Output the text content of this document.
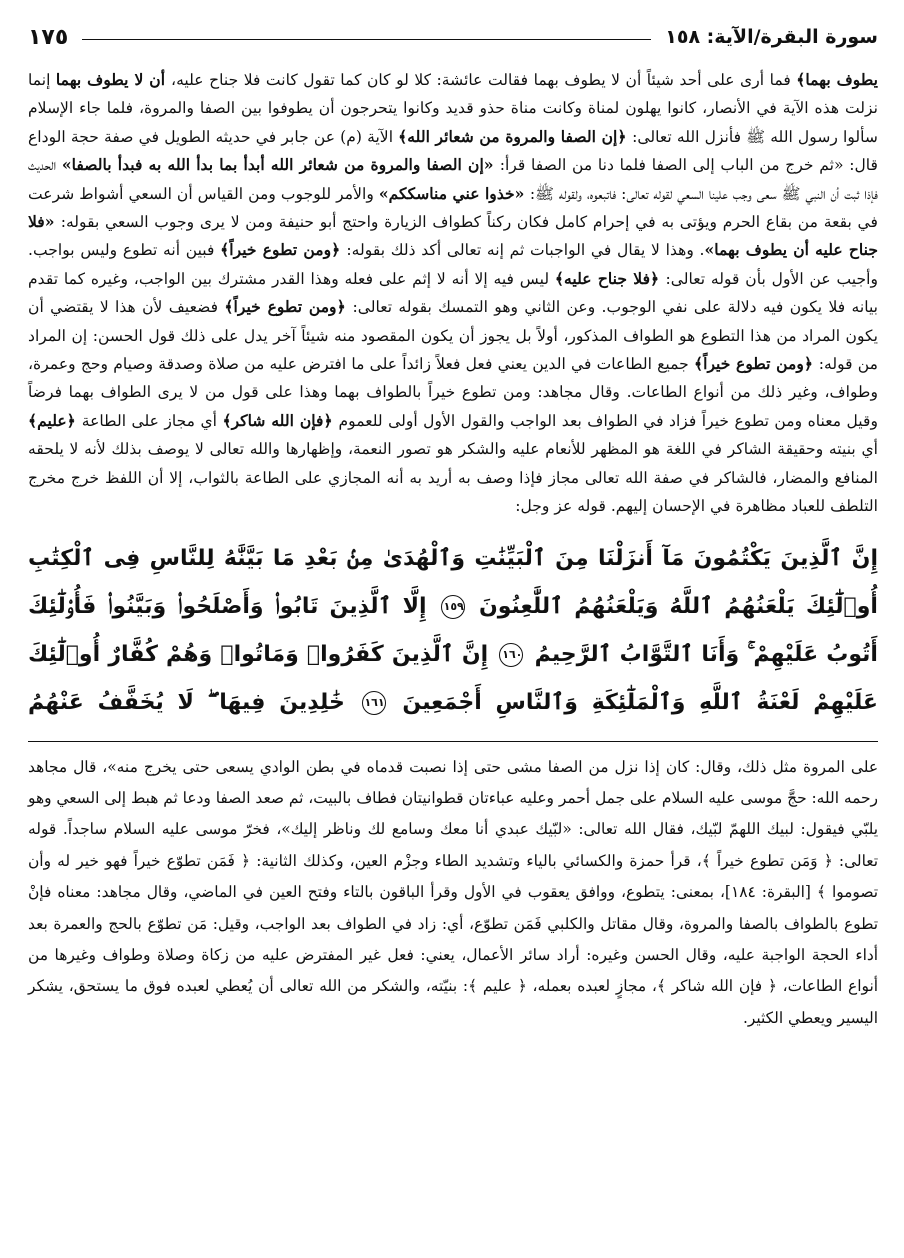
سورة البقرة/الآية: ١٥٨
١٧٥

يطوف بهما﴾ فما أرى على أحد شيئاً أن لا يطوف بهما فقالت عائشة: كلا لو كان كما تقول كانت فلا جناح عليه، أن لا يطوف بهما إنما نزلت هذه الآية في الأنصار، كانوا يهلون لمناة وكانت مناة حذو قديد وكانوا يتحرجون أن يطوفوا بين الصفا والمروة، فلما جاء الإسلام سألوا رسول الله ﷺ فأنزل الله تعالى: ﴿إن الصفا والمروة من شعائر الله﴾ الآية (م) عن جابر في حديثه الطويل في صفة حجة الوداع قال: «ثم خرج من الباب إلى الصفا فلما دنا من الصفا قرأ: «إن الصفا والمروة من شعائر الله أبدأ بما بدأ الله به فبدأ بالصفا» الحديث فإذا ثبت أن النبي ﷺ سعى وجب علينا السعي لقوله تعالى: فاتبعوه، ولقوله ﷺ: «خذوا عني مناسككم» والأمر للوجوب ومن القياس أن السعي أشواط شرعت في بقعة من بقاع الحرم ويؤتى به في إحرام كامل فكان ركناً كطواف الزيارة واحتج أبو حنيفة ومن لا يرى وجوب السعي بقوله: «فلا جناح عليه أن يطوف بهما». وهذا لا يقال في الواجبات ثم إنه تعالى أكد ذلك بقوله: ﴿ومن تطوع خيراً﴾ فبين أنه تطوع وليس بواجب. وأجيب عن الأول بأن قوله تعالى: ﴿فلا جناح عليه﴾ ليس فيه إلا أنه لا إثم على فعله وهذا القدر مشترك بين الواجب، وغيره كما تقدم بيانه فلا يكون فيه دلالة على نفي الوجوب. وعن الثاني وهو التمسك بقوله تعالى: ﴿ومن تطوع خيراً﴾ فضعيف لأن هذا لا يقتضي أن يكون المراد من هذا التطوع هو الطواف المذكور، أولاً بل يجوز أن يكون المقصود منه شيئاً آخر يدل على ذلك قول الحسن: إن المراد من قوله: ﴿ومن تطوع خيراً﴾ جميع الطاعات في الدين يعني فعل فعلاً زائداً على ما افترض عليه من صلاة وصدقة وصيام وحج وعمرة، وطواف، وغير ذلك من أنواع الطاعات. وقال مجاهد: ومن تطوع خيراً بالطواف بهما وهذا على قول من لا يرى الطواف بهما فرضاً وقيل معناه ومن تطوع خيراً فزاد في الطواف بعد الواجب والقول الأول أولى للعموم ﴿فإن الله شاكر﴾ أي مجاز على الطاعة ﴿عليم﴾ أي بنيته وحقيقة الشاكر في اللغة هو المظهر للأنعام عليه والشكر هو تصور النعمة، وإظهارها والله تعالى لا يوصف بذلك لأنه لا يلحقه المنافع والمضار، فالشاكر في صفة الله تعالى مجاز فإذا وصف به أريد به أنه المجازي على الطاعة بالثواب، إلا أن اللفظ خرج مخرج التلطف للعباد مظاهرة في الإحسان إليهم. قوله عز وجل:

إِنَّ ٱلَّذِينَ يَكْتُمُونَ مَآ أَنزَلْنَا مِنَ ٱلْبَيِّنَٰتِ وَٱلْهُدَىٰ مِنۢ بَعْدِ مَا بَيَّنَّٰهُ لِلنَّاسِ فِى ٱلْكِتَٰبِ أُو۟لَٰٓئِكَ يَلْعَنُهُمُ ٱللَّهُ وَيَلْعَنُهُمُ ٱللَّٰعِنُونَ ١٥٩ إِلَّا ٱلَّذِينَ تَابُوا۟ وَأَصْلَحُوا۟ وَبَيَّنُوا۟ فَأُو۟لَٰٓئِكَ أَتُوبُ عَلَيْهِمْ ۚ وَأَنَا ٱلتَّوَّابُ ٱلرَّحِيمُ ١٦٠ إِنَّ ٱلَّذِينَ كَفَرُوا۟ وَمَاتُوا۟ وَهُمْ كُفَّارٌ أُو۟لَٰٓئِكَ عَلَيْهِمْ لَعْنَةُ ٱللَّهِ وَٱلْمَلَٰٓئِكَةِ وَٱلنَّاسِ أَجْمَعِينَ ١٦١ خَٰلِدِينَ فِيهَا ۖ لَا يُخَفَّفُ عَنْهُمُ
على المروة مثل ذلك، وقال: كان إذا نزل من الصفا مشى حتى إذا نصبت قدماه في بطن الوادي يسعى حتى يخرج منه»، قال مجاهد رحمه الله: حجَّ موسى عليه السلام على جمل أحمر وعليه عباءتان قطوانيتان فطاف بالبيت، ثم صعد الصفا ودعا ثم هبط إلى السعي وهو يلبّي فيقول: لبيك اللهمّ لبّيك، فقال الله تعالى: «لبّيك عبدي أنا معك وسامع لك وناظر إليك»، فخرّ موسى عليه السلام ساجداً. قوله تعالى: ﴿ وَمَن تطوع خيراً ﴾، قرأ حمزة والكسائي بالياء وتشديد الطاء وجزْم العين، وكذلك الثانية: ﴿ فَمَن تطوّع خيراً فهو خير له وأن تصوموا ﴾ [البقرة: ١٨٤]، بمعنى: يتطوع، ووافق يعقوب في الأول وقرأ الباقون بالتاء وفتح العين في الماضي، وقال مجاهد: معناه فإنْ تطوع بالطواف بالصفا والمروة، وقال مقاتل والكلبي فَمَن تطوّع، أي: زاد في الطواف بعد الواجب، وقيل: مَن تطوّع بالحج والعمرة بعد أداء الحجة الواجبة عليه، وقال الحسن وغيره: أراد سائر الأعمال، يعني: فعل غير المفترض عليه من زكاة وصلاة وطواف وغيرها من أنواع الطاعات، ﴿ فإن الله شاكر ﴾، مجازٍ لعبده بعمله، ﴿ عليم ﴾: بنيّته، والشكر من الله تعالى أن يُعطي لعبده فوق ما يستحق، يشكر اليسير ويعطي الكثير.
